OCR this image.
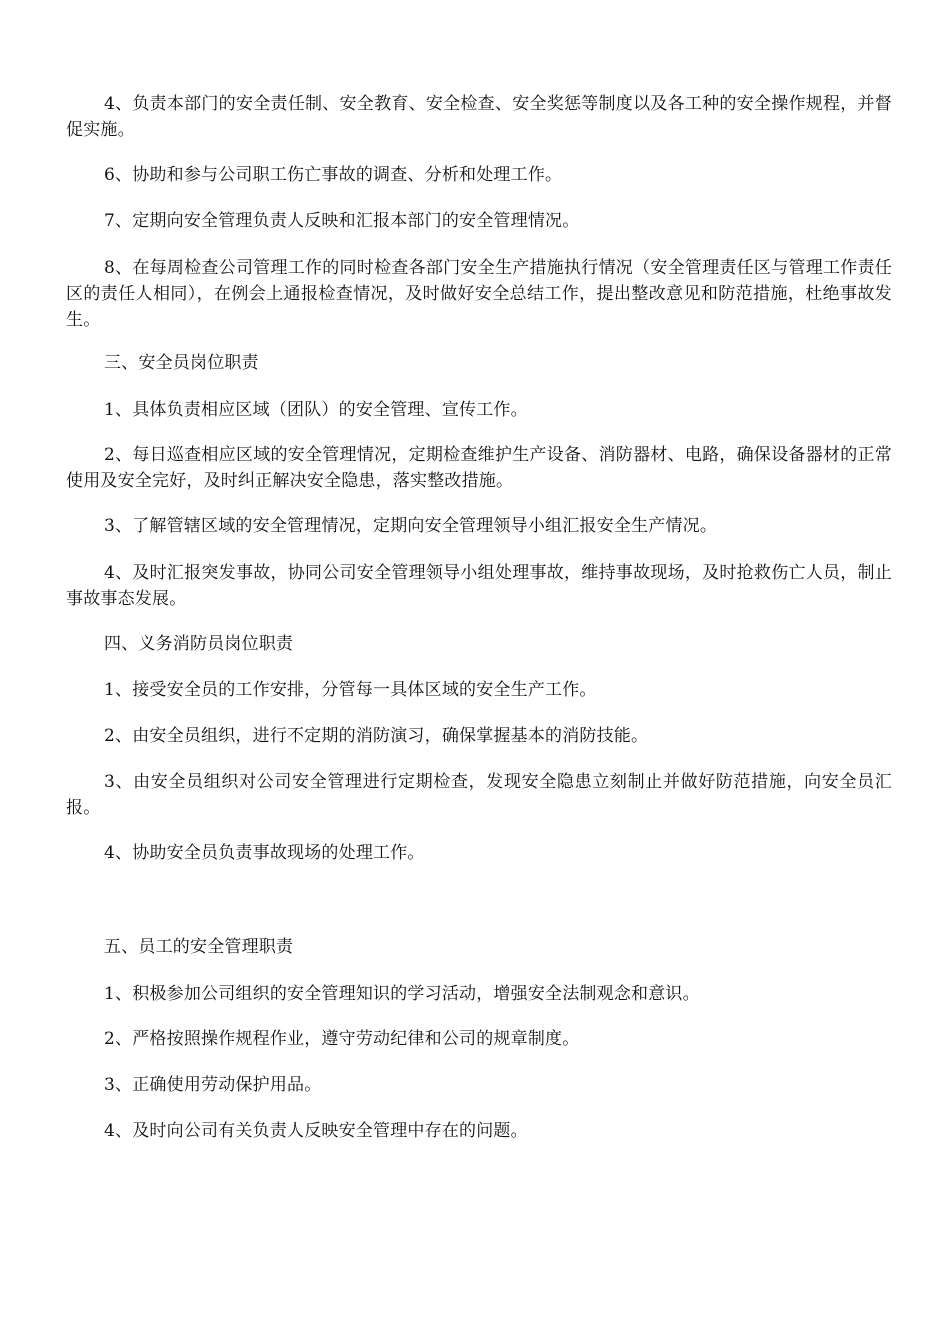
4、负责本部门的安全责任制、安全教育、安全检查、安全奖惩等制度以及各工种的安全操作规程，并督促实施。

6、协助和参与公司职工伤亡事故的调查、分析和处理工作。

7、定期向安全管理负责人反映和汇报本部门的安全管理情况。

8、在每周检查公司管理工作的同时检查各部门安全生产措施执行情况（安全管理责任区与管理工作责任区的责任人相同），在例会上通报检查情况，及时做好安全总结工作，提出整改意见和防范措施，杜绝事故发生。

三、安全员岗位职责

1、具体负责相应区域（团队）的安全管理、宣传工作。

2、每日巡查相应区域的安全管理情况，定期检查维护生产设备、消防器材、电路，确保设备器材的正常使用及安全完好，及时纠正解决安全隐患，落实整改措施。

3、了解管辖区域的安全管理情况，定期向安全管理领导小组汇报安全生产情况。

4、及时汇报突发事故，协同公司安全管理领导小组处理事故，维持事故现场，及时抢救伤亡人员，制止事故事态发展。

四、义务消防员岗位职责

1、接受安全员的工作安排，分管每一具体区域的安全生产工作。

2、由安全员组织，进行不定期的消防演习，确保掌握基本的消防技能。

3、由安全员组织对公司安全管理进行定期检查，发现安全隐患立刻制止并做好防范措施，向安全员汇报。

4、协助安全员负责事故现场的处理工作。

五、员工的安全管理职责

1、积极参加公司组织的安全管理知识的学习活动，增强安全法制观念和意识。

2、严格按照操作规程作业，遵守劳动纪律和公司的规章制度。

3、正确使用劳动保护用品。

4、及时向公司有关负责人反映安全管理中存在的问题。
